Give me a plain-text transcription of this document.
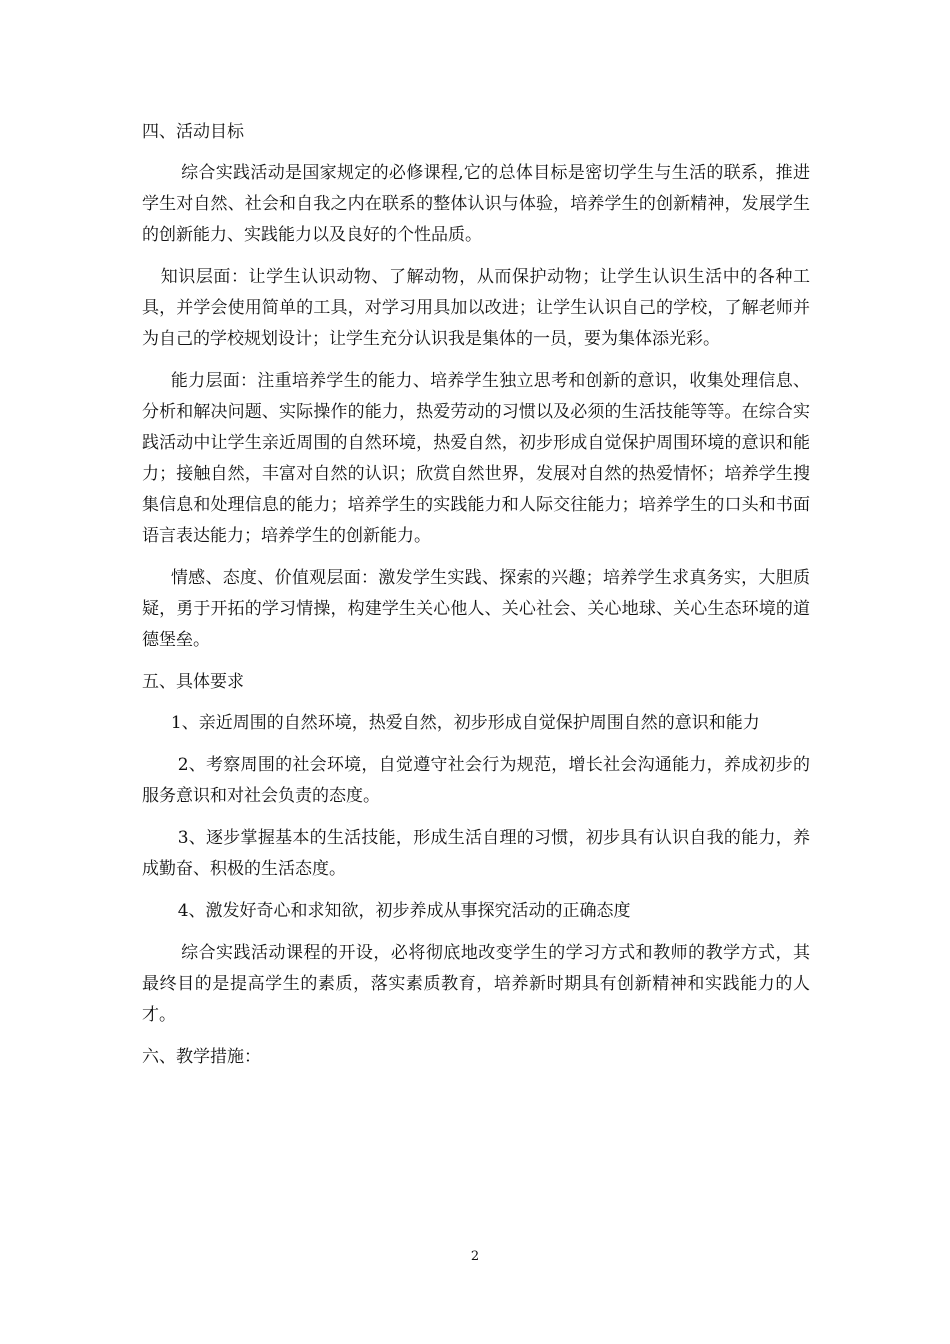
四、活动目标

综合实践活动是国家规定的必修课程,它的总体目标是密切学生与生活的联系，推进学生对自然、社会和自我之内在联系的整体认识与体验，培养学生的创新精神，发展学生的创新能力、实践能力以及良好的个性品质。

知识层面：让学生认识动物、了解动物，从而保护动物；让学生认识生活中的各种工具，并学会使用简单的工具，对学习用具加以改进；让学生认识自己的学校，了解老师并为自己的学校规划设计；让学生充分认识我是集体的一员，要为集体添光彩。

能力层面：注重培养学生的能力、培养学生独立思考和创新的意识，收集处理信息、分析和解决问题、实际操作的能力，热爱劳动的习惯以及必须的生活技能等等。在综合实践活动中让学生亲近周围的自然环境，热爱自然，初步形成自觉保护周围环境的意识和能力；接触自然，丰富对自然的认识；欣赏自然世界，发展对自然的热爱情怀；培养学生搜集信息和处理信息的能力；培养学生的实践能力和人际交往能力；培养学生的口头和书面语言表达能力；培养学生的创新能力。

情感、态度、价值观层面：激发学生实践、探索的兴趣；培养学生求真务实，大胆质疑，勇于开拓的学习情操，构建学生关心他人、关心社会、关心地球、关心生态环境的道德堡垒。

五、具体要求

1、亲近周围的自然环境，热爱自然，初步形成自觉保护周围自然的意识和能力

2、考察周围的社会环境，自觉遵守社会行为规范，增长社会沟通能力，养成初步的服务意识和对社会负责的态度。

3、逐步掌握基本的生活技能，形成生活自理的习惯，初步具有认识自我的能力，养成勤奋、积极的生活态度。

4、激发好奇心和求知欲，初步养成从事探究活动的正确态度

综合实践活动课程的开设，必将彻底地改变学生的学习方式和教师的教学方式，其最终目的是提高学生的素质，落实素质教育，培养新时期具有创新精神和实践能力的人才。

六、教学措施：

2
